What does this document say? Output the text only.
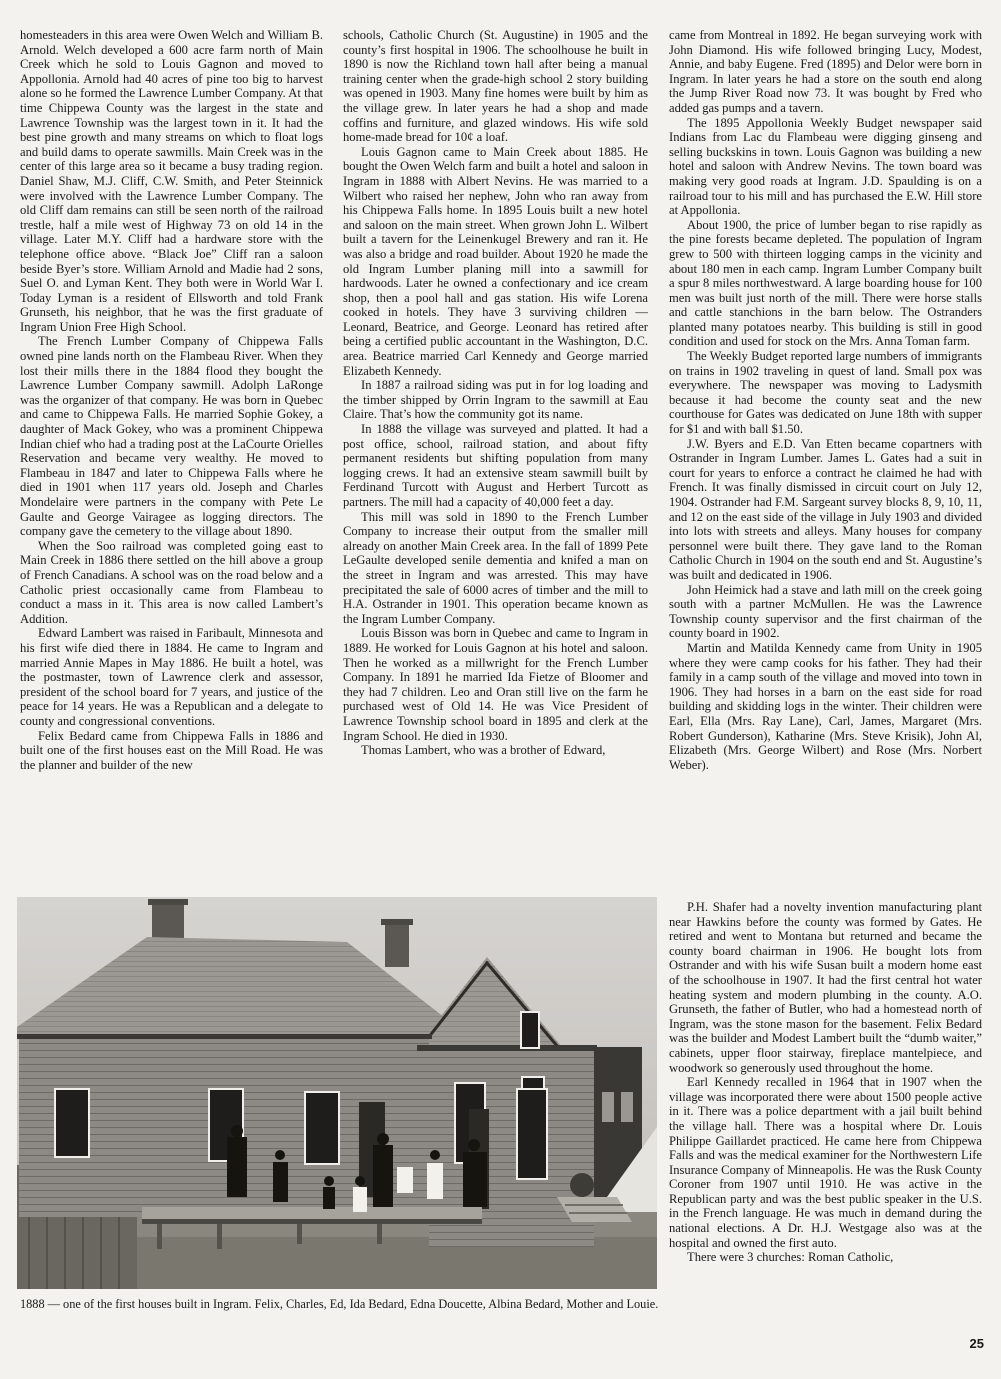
homesteaders in this area were Owen Welch and William B. Arnold. Welch developed a 600 acre farm north of Main Creek which he sold to Louis Gagnon and moved to Appollonia. Arnold had 40 acres of pine too big to harvest alone so he formed the Lawrence Lumber Company. At that time Chippewa County was the largest in the state and Lawrence Township was the largest town in it. It had the best pine growth and many streams on which to float logs and build dams to operate sawmills. Main Creek was in the center of this large area so it became a busy trading region. Daniel Shaw, M.J. Cliff, C.W. Smith, and Peter Steinnick were involved with the Lawrence Lumber Company. The old Cliff dam remains can still be seen north of the railroad trestle, half a mile west of Highway 73 on old 14 in the village. Later M.Y. Cliff had a hardware store with the telephone office above. “Black Joe” Cliff ran a saloon beside Byer’s store. William Arnold and Madie had 2 sons, Suel O. and Lyman Kent. They both were in World War I. Today Lyman is a resident of Ellsworth and told Frank Grunseth, his neighbor, that he was the first graduate of Ingram Union Free High School.

The French Lumber Company of Chippewa Falls owned pine lands north on the Flambeau River. When they lost their mills there in the 1884 flood they bought the Lawrence Lumber Company sawmill. Adolph LaRonge was the organizer of that company. He was born in Quebec and came to Chippewa Falls. He married Sophie Gokey, a daughter of Mack Gokey, who was a prominent Chippewa Indian chief who had a trading post at the LaCourte Orielles Reservation and became very wealthy. He moved to Flambeau in 1847 and later to Chippewa Falls where he died in 1901 when 117 years old. Joseph and Charles Mondelaire were partners in the company with Pete Le Gaulte and George Vairagee as logging directors. The company gave the cemetery to the village about 1890.

When the Soo railroad was completed going east to Main Creek in 1886 there settled on the hill above a group of French Canadians. A school was on the road below and a Catholic priest occasionally came from Flambeau to conduct a mass in it. This area is now called Lambert’s Addition.

Edward Lambert was raised in Faribault, Minnesota and his first wife died there in 1884. He came to Ingram and married Annie Mapes in May 1886. He built a hotel, was the postmaster, town of Lawrence clerk and assessor, president of the school board for 7 years, and justice of the peace for 14 years. He was a Republican and a delegate to county and congressional conventions.

Felix Bedard came from Chippewa Falls in 1886 and built one of the first houses east on the Mill Road. He was the planner and builder of the new

schools, Catholic Church (St. Augustine) in 1905 and the county’s first hospital in 1906. The schoolhouse he built in 1890 is now the Richland town hall after being a manual training center when the grade-high school 2 story building was opened in 1903. Many fine homes were built by him as the village grew. In later years he had a shop and made coffins and furniture, and glazed windows. His wife sold home-made bread for 10¢ a loaf.

Louis Gagnon came to Main Creek about 1885. He bought the Owen Welch farm and built a hotel and saloon in Ingram in 1888 with Albert Nevins. He was married to a Wilbert who raised her nephew, John who ran away from his Chippewa Falls home. In 1895 Louis built a new hotel and saloon on the main street. When grown John L. Wilbert built a tavern for the Leinenkugel Brewery and ran it. He was also a bridge and road builder. About 1920 he made the old Ingram Lumber planing mill into a sawmill for hardwoods. Later he owned a confectionary and ice cream shop, then a pool hall and gas station. His wife Lorena cooked in hotels. They have 3 surviving children — Leonard, Beatrice, and George. Leonard has retired after being a certified public accountant in the Washington, D.C. area. Beatrice married Carl Kennedy and George married Elizabeth Kennedy.

In 1887 a railroad siding was put in for log loading and the timber shipped by Orrin Ingram to the sawmill at Eau Claire. That’s how the community got its name.

In 1888 the village was surveyed and platted. It had a post office, school, railroad station, and about fifty permanent residents but shifting population from many logging crews. It had an extensive steam sawmill built by Ferdinand Turcott with August and Herbert Turcott as partners. The mill had a capacity of 40,000 feet a day.

This mill was sold in 1890 to the French Lumber Company to increase their output from the smaller mill already on another Main Creek area. In the fall of 1899 Pete LeGaulte developed senile dementia and knifed a man on the street in Ingram and was arrested. This may have precipitated the sale of 6000 acres of timber and the mill to H.A. Ostrander in 1901. This operation became known as the Ingram Lumber Company.

Louis Bisson was born in Quebec and came to Ingram in 1889. He worked for Louis Gagnon at his hotel and saloon. Then he worked as a millwright for the French Lumber Company. In 1891 he married Ida Fietze of Bloomer and they had 7 children. Leo and Oran still live on the farm he purchased west of Old 14. He was Vice President of Lawrence Township school board in 1895 and clerk at the Ingram School. He died in 1930.

Thomas Lambert, who was a brother of Edward,

came from Montreal in 1892. He began surveying work with John Diamond. His wife followed bringing Lucy, Modest, Annie, and baby Eugene. Fred (1895) and Delor were born in Ingram. In later years he had a store on the south end along the Jump River Road now 73. It was bought by Fred who added gas pumps and a tavern.

The 1895 Appollonia Weekly Budget newspaper said Indians from Lac du Flambeau were digging ginseng and selling buckskins in town. Louis Gagnon was building a new hotel and saloon with Andrew Nevins. The town board was making very good roads at Ingram. J.D. Spaulding is on a railroad tour to his mill and has purchased the E.W. Hill store at Appollonia.

About 1900, the price of lumber began to rise rapidly as the pine forests became depleted. The population of Ingram grew to 500 with thirteen logging camps in the vicinity and about 180 men in each camp. Ingram Lumber Company built a spur 8 miles northwestward. A large boarding house for 100 men was built just north of the mill. There were horse stalls and cattle stanchions in the barn below. The Ostranders planted many potatoes nearby. This building is still in good condition and used for stock on the Mrs. Anna Toman farm.

The Weekly Budget reported large numbers of immigrants on trains in 1902 traveling in quest of land. Small pox was everywhere. The newspaper was moving to Ladysmith because it had become the county seat and the new courthouse for Gates was dedicated on June 18th with supper for $1 and with ball $1.50.

J.W. Byers and E.D. Van Etten became copartners with Ostrander in Ingram Lumber. James L. Gates had a suit in court for years to enforce a contract he claimed he had with French. It was finally dismissed in circuit court on July 12, 1904. Ostrander had F.M. Sargeant survey blocks 8, 9, 10, 11, and 12 on the east side of the village in July 1903 and divided into lots with streets and alleys. Many houses for company personnel were built there. They gave land to the Roman Catholic Church in 1904 on the south end and St. Augustine’s was built and dedicated in 1906.

John Heimick had a stave and lath mill on the creek going south with a partner McMullen. He was the Lawrence Township county supervisor and the first chairman of the county board in 1902.

Martin and Matilda Kennedy came from Unity in 1905 where they were camp cooks for his father. They had their family in a camp south of the village and moved into town in 1906. They had horses in a barn on the east side for road building and skidding logs in the winter. Their children were Earl, Ella (Mrs. Ray Lane), Carl, James, Margaret (Mrs. Robert Gunderson), Katharine (Mrs. Steve Krisik), John Al, Elizabeth (Mrs. George Wilbert) and Rose (Mrs. Norbert Weber).

P.H. Shafer had a novelty invention manufacturing plant near Hawkins before the county was formed by Gates. He retired and went to Montana but returned and became the county board chairman in 1906. He bought lots from Ostrander and with his wife Susan built a modern home east of the schoolhouse in 1907. It had the first central hot water heating system and modern plumbing in the county. A.O. Grunseth, the father of Butler, who had a homestead north of Ingram, was the stone mason for the basement. Felix Bedard was the builder and Modest Lambert built the “dumb waiter,” cabinets, upper floor stairway, fireplace mantelpiece, and woodwork so generously used throughout the home.

Earl Kennedy recalled in 1964 that in 1907 when the village was incorporated there were about 1500 people active in it. There was a police department with a jail built behind the village hall. There was a hospital where Dr. Louis Philippe Gaillardet practiced. He came here from Chippewa Falls and was the medical examiner for the Northwestern Life Insurance Company of Minneapolis. He was the Rusk County Coroner from 1907 until 1910. He was active in the Republican party and was the best public speaker in the U.S. in the French language. He was much in demand during the national elections. A Dr. H.J. Westgage also was at the hospital and owned the first auto.

There were 3 churches: Roman Catholic,

1888 — one of the first houses built in Ingram. Felix, Charles, Ed, Ida Bedard, Edna Doucette, Albina Bedard, Mother and Louie.
25
